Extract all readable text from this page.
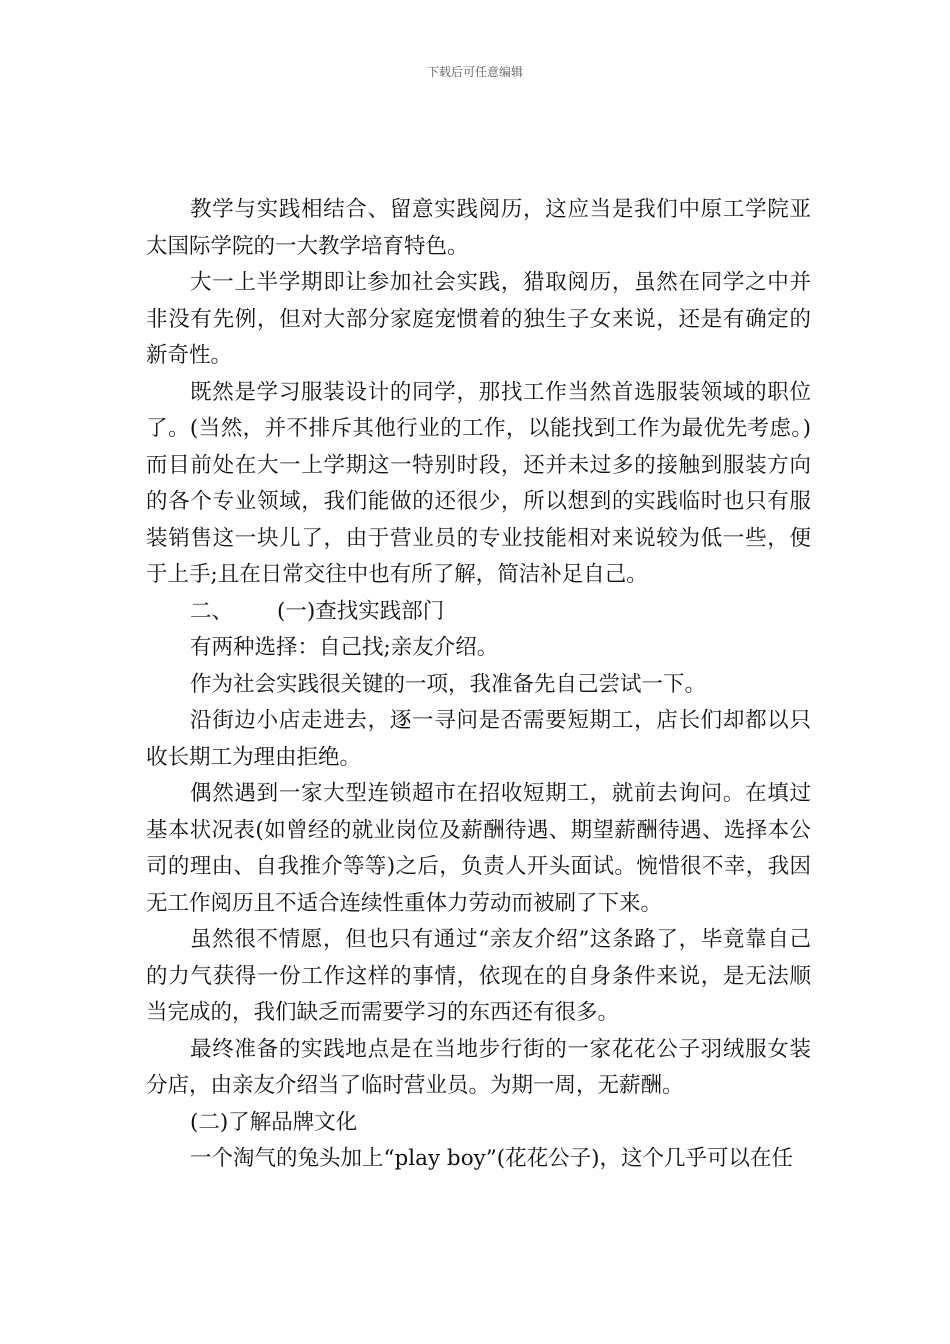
下载后可任意编辑

教学与实践相结合、留意实践阅历，这应当是我们中原工学院亚太国际学院的一大教学培育特色。

大一上半学期即让参加社会实践，猎取阅历，虽然在同学之中并非没有先例，但对大部分家庭宠惯着的独生子女来说，还是有确定的新奇性。

既然是学习服装设计的同学，那找工作当然首选服装领域的职位了。(当然，并不排斥其他行业的工作，以能找到工作为最优先考虑。)而目前处在大一上学期这一特别时段，还并未过多的接触到服装方向的各个专业领域，我们能做的还很少，所以想到的实践临时也只有服装销售这一块儿了，由于营业员的专业技能相对来说较为低一些，便于上手;且在日常交往中也有所了解，简洁补足自己。

二、 (一)查找实践部门

有两种选择：自己找;亲友介绍。

作为社会实践很关键的一项，我准备先自己尝试一下。

沿街边小店走进去，逐一寻问是否需要短期工，店长们却都以只收长期工为理由拒绝。

偶然遇到一家大型连锁超市在招收短期工，就前去询问。在填过基本状况表(如曾经的就业岗位及薪酬待遇、期望薪酬待遇、选择本公司的理由、自我推介等等)之后，负责人开头面试。惋惜很不幸，我因无工作阅历且不适合连续性重体力劳动而被刷了下来。

虽然很不情愿，但也只有通过“亲友介绍”这条路了，毕竟靠自己的力气获得一份工作这样的事情，依现在的自身条件来说，是无法顺当完成的，我们缺乏而需要学习的东西还有很多。

最终准备的实践地点是在当地步行街的一家花花公子羽绒服女装分店，由亲友介绍当了临时营业员。为期一周，无薪酬。

(二)了解品牌文化

一个淘气的兔头加上“play boy”(花花公子)，这个几乎可以在任
